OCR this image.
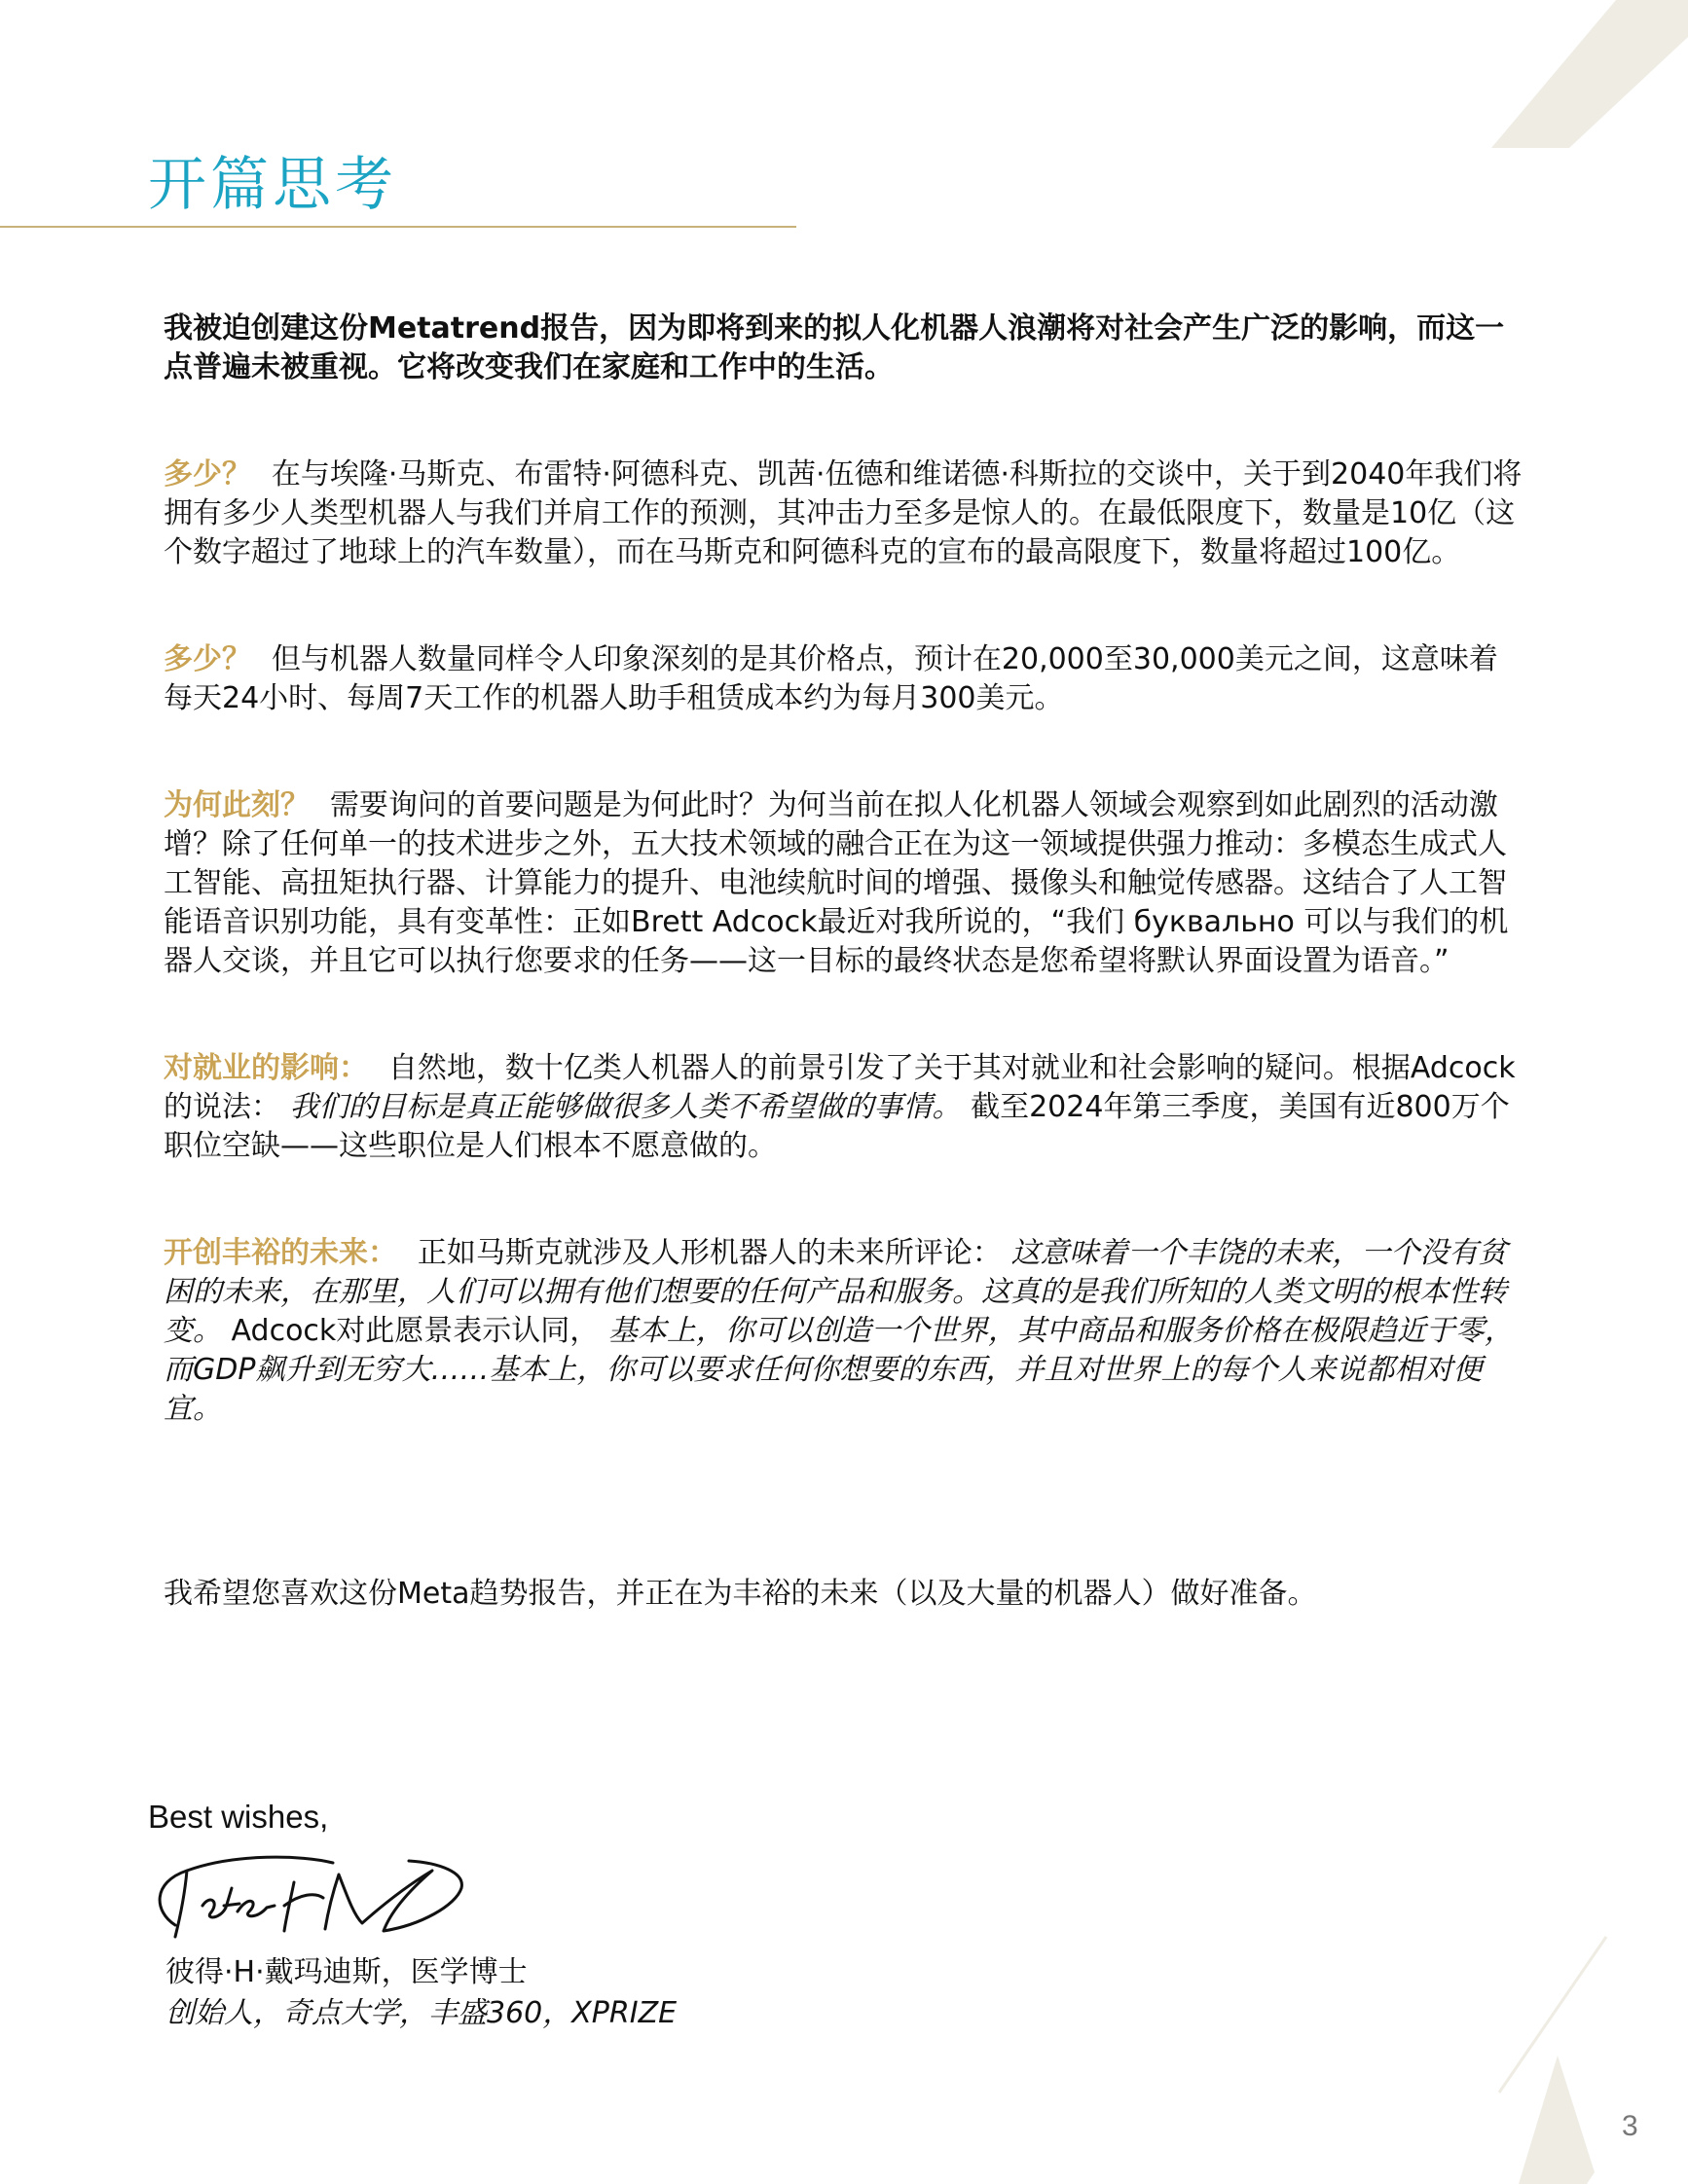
开篇思考

我被迫创建这份Metatrend报告，因为即将到来的拟人化机器人浪潮将对社会产生广泛的影响，而这一点普遍未被重视。它将改变我们在家庭和工作中的生活。

多少？ 在与埃隆·马斯克、布雷特·阿德科克、凯茜·伍德和维诺德·科斯拉的交谈中，关于到2040年我们将拥有多少人类型机器人与我们并肩工作的预测，其冲击力至多是惊人的。在最低限度下，数量是10亿（这个数字超过了地球上的汽车数量），而在马斯克和阿德科克的宣布的最高限度下，数量将超过100亿。

多少？ 但与机器人数量同样令人印象深刻的是其价格点，预计在20,000至30,000美元之间，这意味着每天24小时、每周7天工作的机器人助手租赁成本约为每月300美元。

为何此刻？ 需要询问的首要问题是为何此时？为何当前在拟人化机器人领域会观察到如此剧烈的活动激增？除了任何单一的技术进步之外，五大技术领域的融合正在为这一领域提供强力推动：多模态生成式人工智能、高扭矩执行器、计算能力的提升、电池续航时间的增强、摄像头和触觉传感器。这结合了人工智能语音识别功能，具有变革性：正如Brett Adcock最近对我所说的，“我们 буквально 可以与我们的机器人交谈，并且它可以执行您要求的任务——这一目标的最终状态是您希望将默认界面设置为语音。”

对就业的影响： 自然地，数十亿类人机器人的前景引发了关于其对就业和社会影响的疑问。根据Adcock的说法： 我们的目标是真正能够做很多人类不希望做的事情。 截至2024年第三季度，美国有近800万个职位空缺——这些职位是人们根本不愿意做的。

开创丰裕的未来： 正如马斯克就涉及人形机器人的未来所评论： 这意味着一个丰饶的未来，一个没有贫困的未来，在那里，人们可以拥有他们想要的任何产品和服务。这真的是我们所知的人类文明的根本性转变。 Adcock对此愿景表示认同， 基本上，你可以创造一个世界，其中商品和服务价格在极限趋近于零，而GDP飙升到无穷大……基本上，你可以要求任何你想要的东西，并且对世界上的每个人来说都相对便宜。

我希望您喜欢这份Meta趋势报告，并正在为丰裕的未来（以及大量的机器人）做好准备。

Best wishes,

彼得·H·戴玛迪斯，医学博士

创始人，奇点大学，丰盛360，XPRIZE

3
